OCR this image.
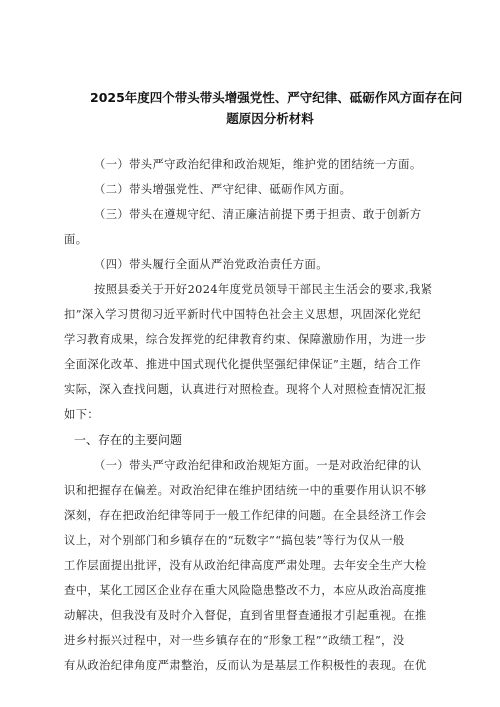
2025年度四个带头带头增强党性、严守纪律、砥砺作风方面存在问
题原因分析材料
（一）带头严守政治纪律和政治规矩，维护党的团结统一方面。
（二）带头增强党性、严守纪律、砥砺作风方面。
（三）带头在遵规守纪、清正廉洁前提下勇于担责、敢于创新方
面。
（四）带头履行全面从严治党政治责任方面。
按照县委关于开好2024年度党员领导干部民主生活会的要求,我紧
扣”深入学习贯彻习近平新时代中国特色社会主义思想，巩固深化党纪
学习教育成果，综合发挥党的纪律教育约束、保障激励作用，为进一步
全面深化改革、推进中国式现代化提供坚强纪律保证”主题，结合工作
实际，深入查找问题，认真进行对照检查。现将个人对照检查情况汇报
如下：
一、存在的主要问题
（一）带头严守政治纪律和政治规矩方面。一是对政治纪律的认
识和把握存在偏差。对政治纪律在维护团结统一中的重要作用认识不够
深刻，存在把政治纪律等同于一般工作纪律的问题。在全县经济工作会
议上，对个别部门和乡镇存在的“玩数字”“搞包装”等行为仅从一般
工作层面提出批评，没有从政治纪律高度严肃处理。去年安全生产大检
查中，某化工园区企业存在重大风险隐患整改不力，本应从政治高度推
动解决，但我没有及时介入督促，直到省里督查通报才引起重视。在推
进乡村振兴过程中，对一些乡镇存在的“形象工程”“政绩工程”，没
有从政治纪律角度严肃整治，反而认为是基层工作积极性的表现。在优
